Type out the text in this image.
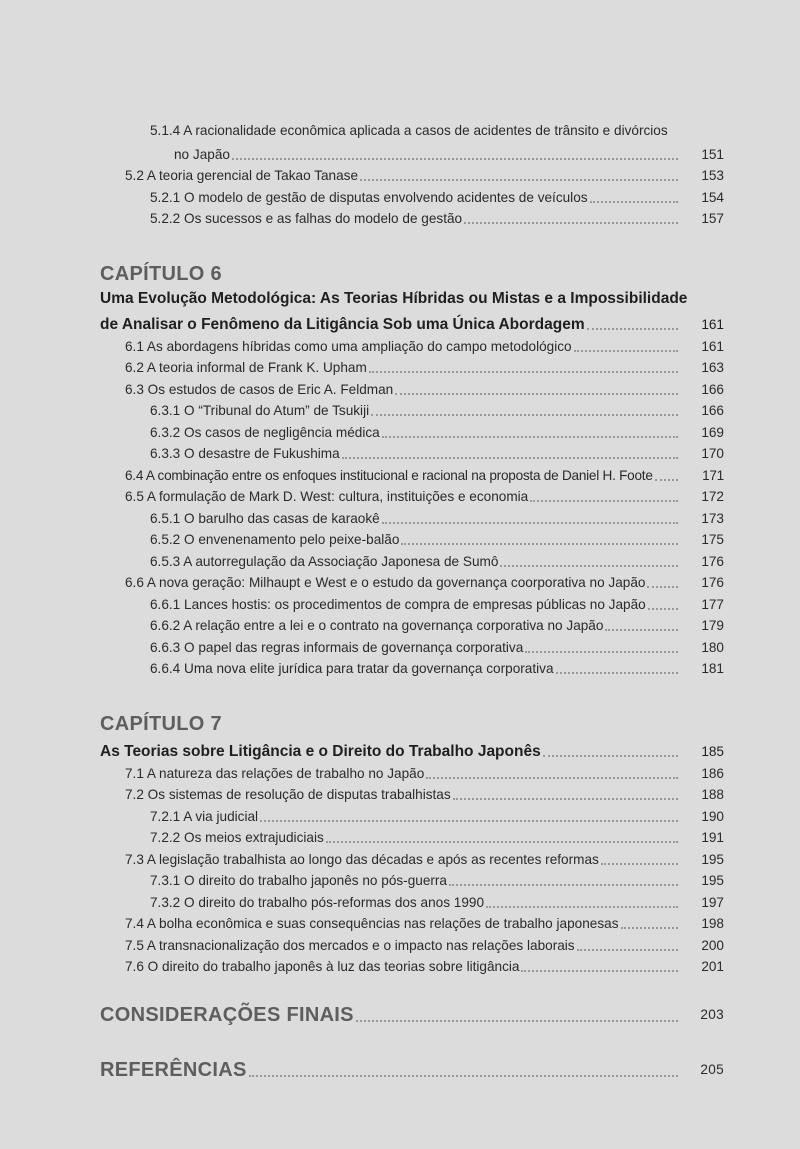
5.1.4 A racionalidade econômica aplicada a casos de acidentes de trânsito e divórcios
no Japão	151
5.2 A teoria gerencial de Takao Tanase	153
5.2.1 O modelo de gestão de disputas envolvendo acidentes de veículos	154
5.2.2 Os sucessos e as falhas do modelo de gestão	157
CAPÍTULO 6
Uma Evolução Metodológica: As Teorias Híbridas ou Mistas e a Impossibilidade
de Analisar o Fenômeno da Litigância Sob uma Única Abordagem	161
6.1 As abordagens híbridas como uma ampliação do campo metodológico	161
6.2 A teoria informal de Frank K. Upham	163
6.3 Os estudos de casos de Eric A. Feldman	166
6.3.1 O “Tribunal do Atum” de Tsukiji	166
6.3.2 Os casos de negligência médica	169
6.3.3 O desastre de Fukushima	170
6.4 A combinação entre os enfoques institucional e racional na proposta de Daniel H. Foote	171
6.5 A formulação de Mark D. West: cultura, instituições e economia	172
6.5.1 O barulho das casas de karaokê	173
6.5.2 O envenenamento pelo peixe-balão	175
6.5.3 A autorregulação da Associação Japonesa de Sumô	176
6.6 A nova geração: Milhaupt e West e o estudo da governança coorporativa no Japão	176
6.6.1 Lances hostis: os procedimentos de compra de empresas públicas no Japão	177
6.6.2 A relação entre a lei e o contrato na governança corporativa no Japão	179
6.6.3 O papel das regras informais de governança corporativa	180
6.6.4 Uma nova elite jurídica para tratar da governança corporativa	181
CAPÍTULO 7
As Teorias sobre Litigância e o Direito do Trabalho Japonês	185
7.1 A natureza das relações de trabalho no Japão	186
7.2 Os sistemas de resolução de disputas trabalhistas	188
7.2.1 A via judicial	190
7.2.2 Os meios extrajudiciais	191
7.3 A legislação trabalhista ao longo das décadas e após as recentes reformas	195
7.3.1 O direito do trabalho japonês no pós-guerra	195
7.3.2 O direito do trabalho pós-reformas dos anos 1990	197
7.4 A bolha econômica e suas consequências nas relações de trabalho japonesas	198
7.5 A transnacionalização dos mercados e o impacto nas relações laborais	200
7.6 O direito do trabalho japonês à luz das teorias sobre litigância	201
CONSIDERAÇÕES FINAIS	203
REFERÊNCIAS	205
